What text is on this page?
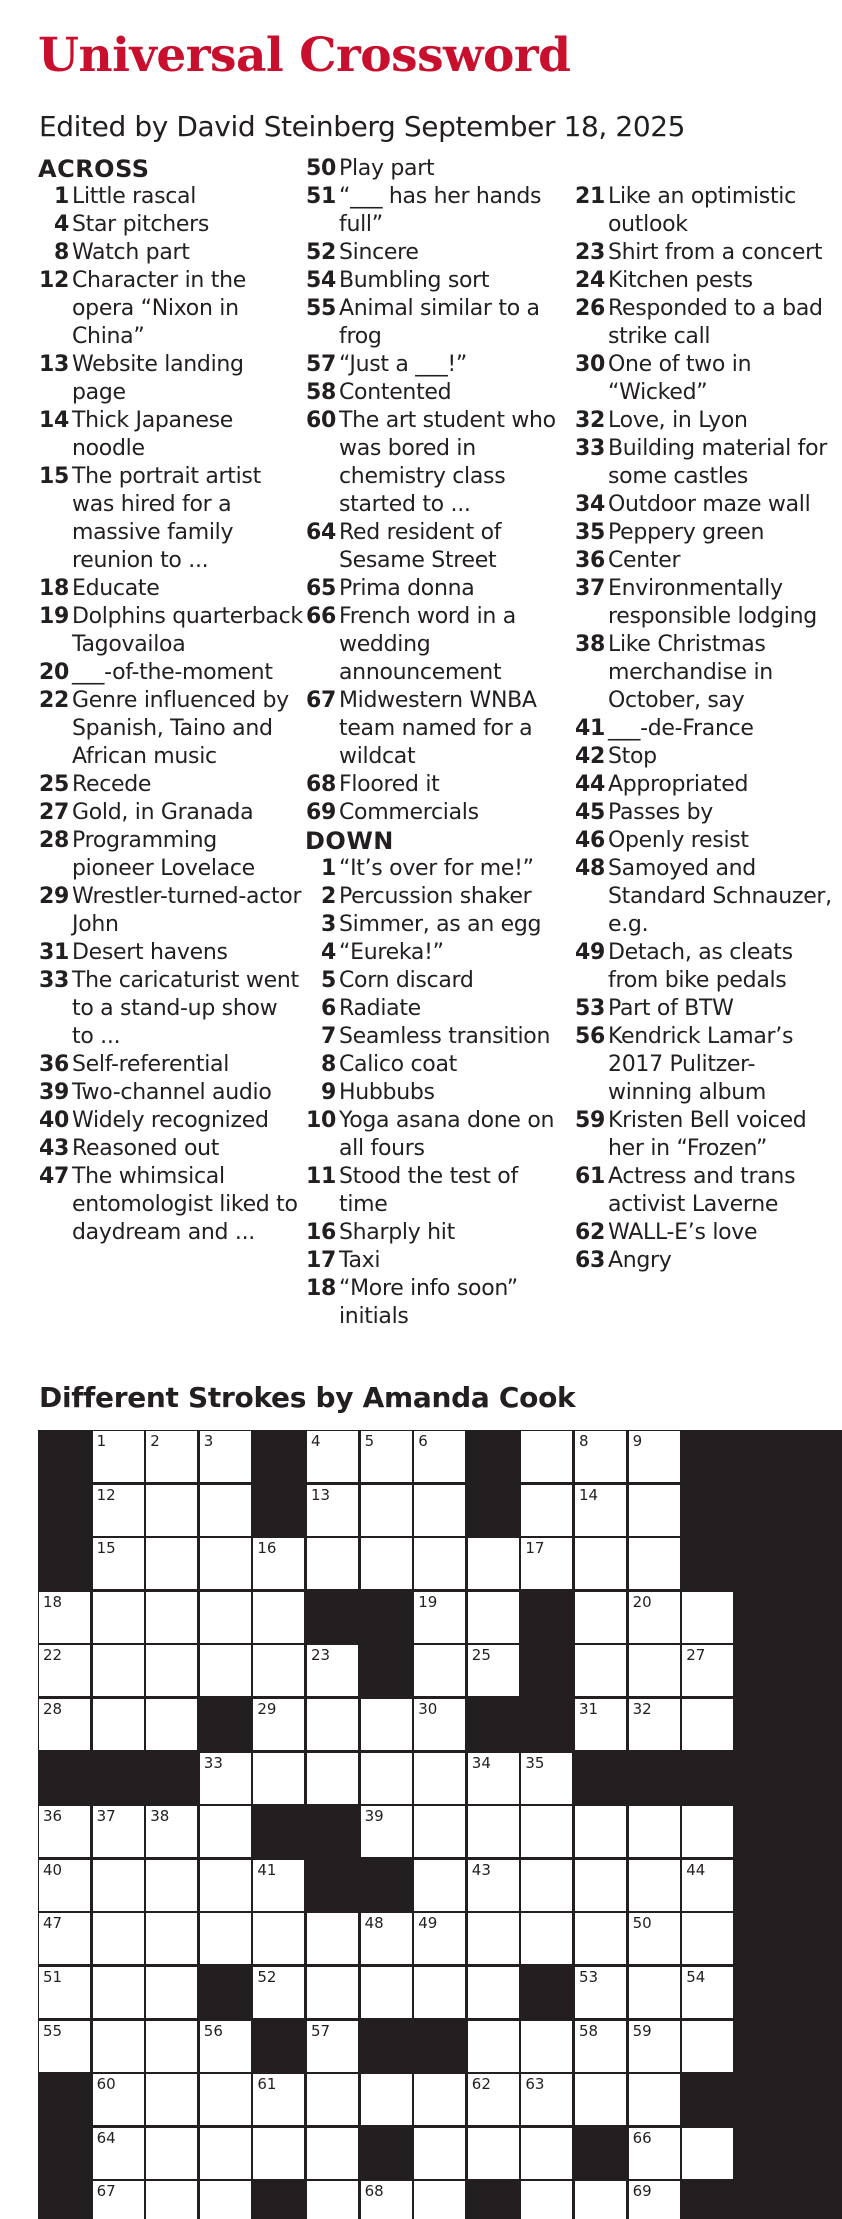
Universal Crossword
Edited by David Steinberg September 18, 2025
ACROSS
1 Little rascal
4 Star pitchers
8 Watch part
12 Character in the opera “Nixon in China”
13 Website landing page
14 Thick Japanese noodle
15 The portrait artist was hired for a massive family reunion to ...
18 Educate
19 Dolphins quarterback Tagovailoa
20 ___-of-the-moment
22 Genre influenced by Spanish, Taino and African music
25 Recede
27 Gold, in Granada
28 Programming pioneer Lovelace
29 Wrestler-turned-actor John
31 Desert havens
33 The caricaturist went to a stand-up show to ...
36 Self-referential
39 Two-channel audio
40 Widely recognized
43 Reasoned out
47 The whimsical entomologist liked to daydream and ...
50 Play part
51 “___ has her hands full”
52 Sincere
54 Bumbling sort
55 Animal similar to a frog
57 “Just a ___!”
58 Contented
60 The art student who was bored in chemistry class started to ...
64 Red resident of Sesame Street
65 Prima donna
66 French word in a wedding announcement
67 Midwestern WNBA team named for a wildcat
68 Floored it
69 Commercials
DOWN
1 “It’s over for me!”
2 Percussion shaker
3 Simmer, as an egg
4 “Eureka!”
5 Corn discard
6 Radiate
7 Seamless transition
8 Calico coat
9 Hubbubs
10 Yoga asana done on all fours
11 Stood the test of time
16 Sharply hit
17 Taxi
18 “More info soon” initials
21 Like an optimistic outlook
23 Shirt from a concert
24 Kitchen pests
26 Responded to a bad strike call
30 One of two in “Wicked”
32 Love, in Lyon
33 Building material for some castles
34 Outdoor maze wall
35 Peppery green
36 Center
37 Environmentally responsible lodging
38 Like Christmas merchandise in October, say
41 ___-de-France
42 Stop
44 Appropriated
45 Passes by
46 Openly resist
48 Samoyed and Standard Schnauzer, e.g.
49 Detach, as cleats from bike pedals
53 Part of BTW
56 Kendrick Lamar’s 2017 Pulitzer-winning album
59 Kristen Bell voiced her in “Frozen”
61 Actress and trans activist Laverne
62 WALL-E’s love
63 Angry
Different Strokes by Amanda Cook
1	2	3	4	5	6	8	9
12	13	14
15	16	17
18	19	20
22	23	25	27
28	29	30	31 32
33	34 35
36 37 38	39
40	41	43	44
47	48 49	50
51	52	53	54
55	56	57	58 59
60	61	62 63
64	66
67	68	69
